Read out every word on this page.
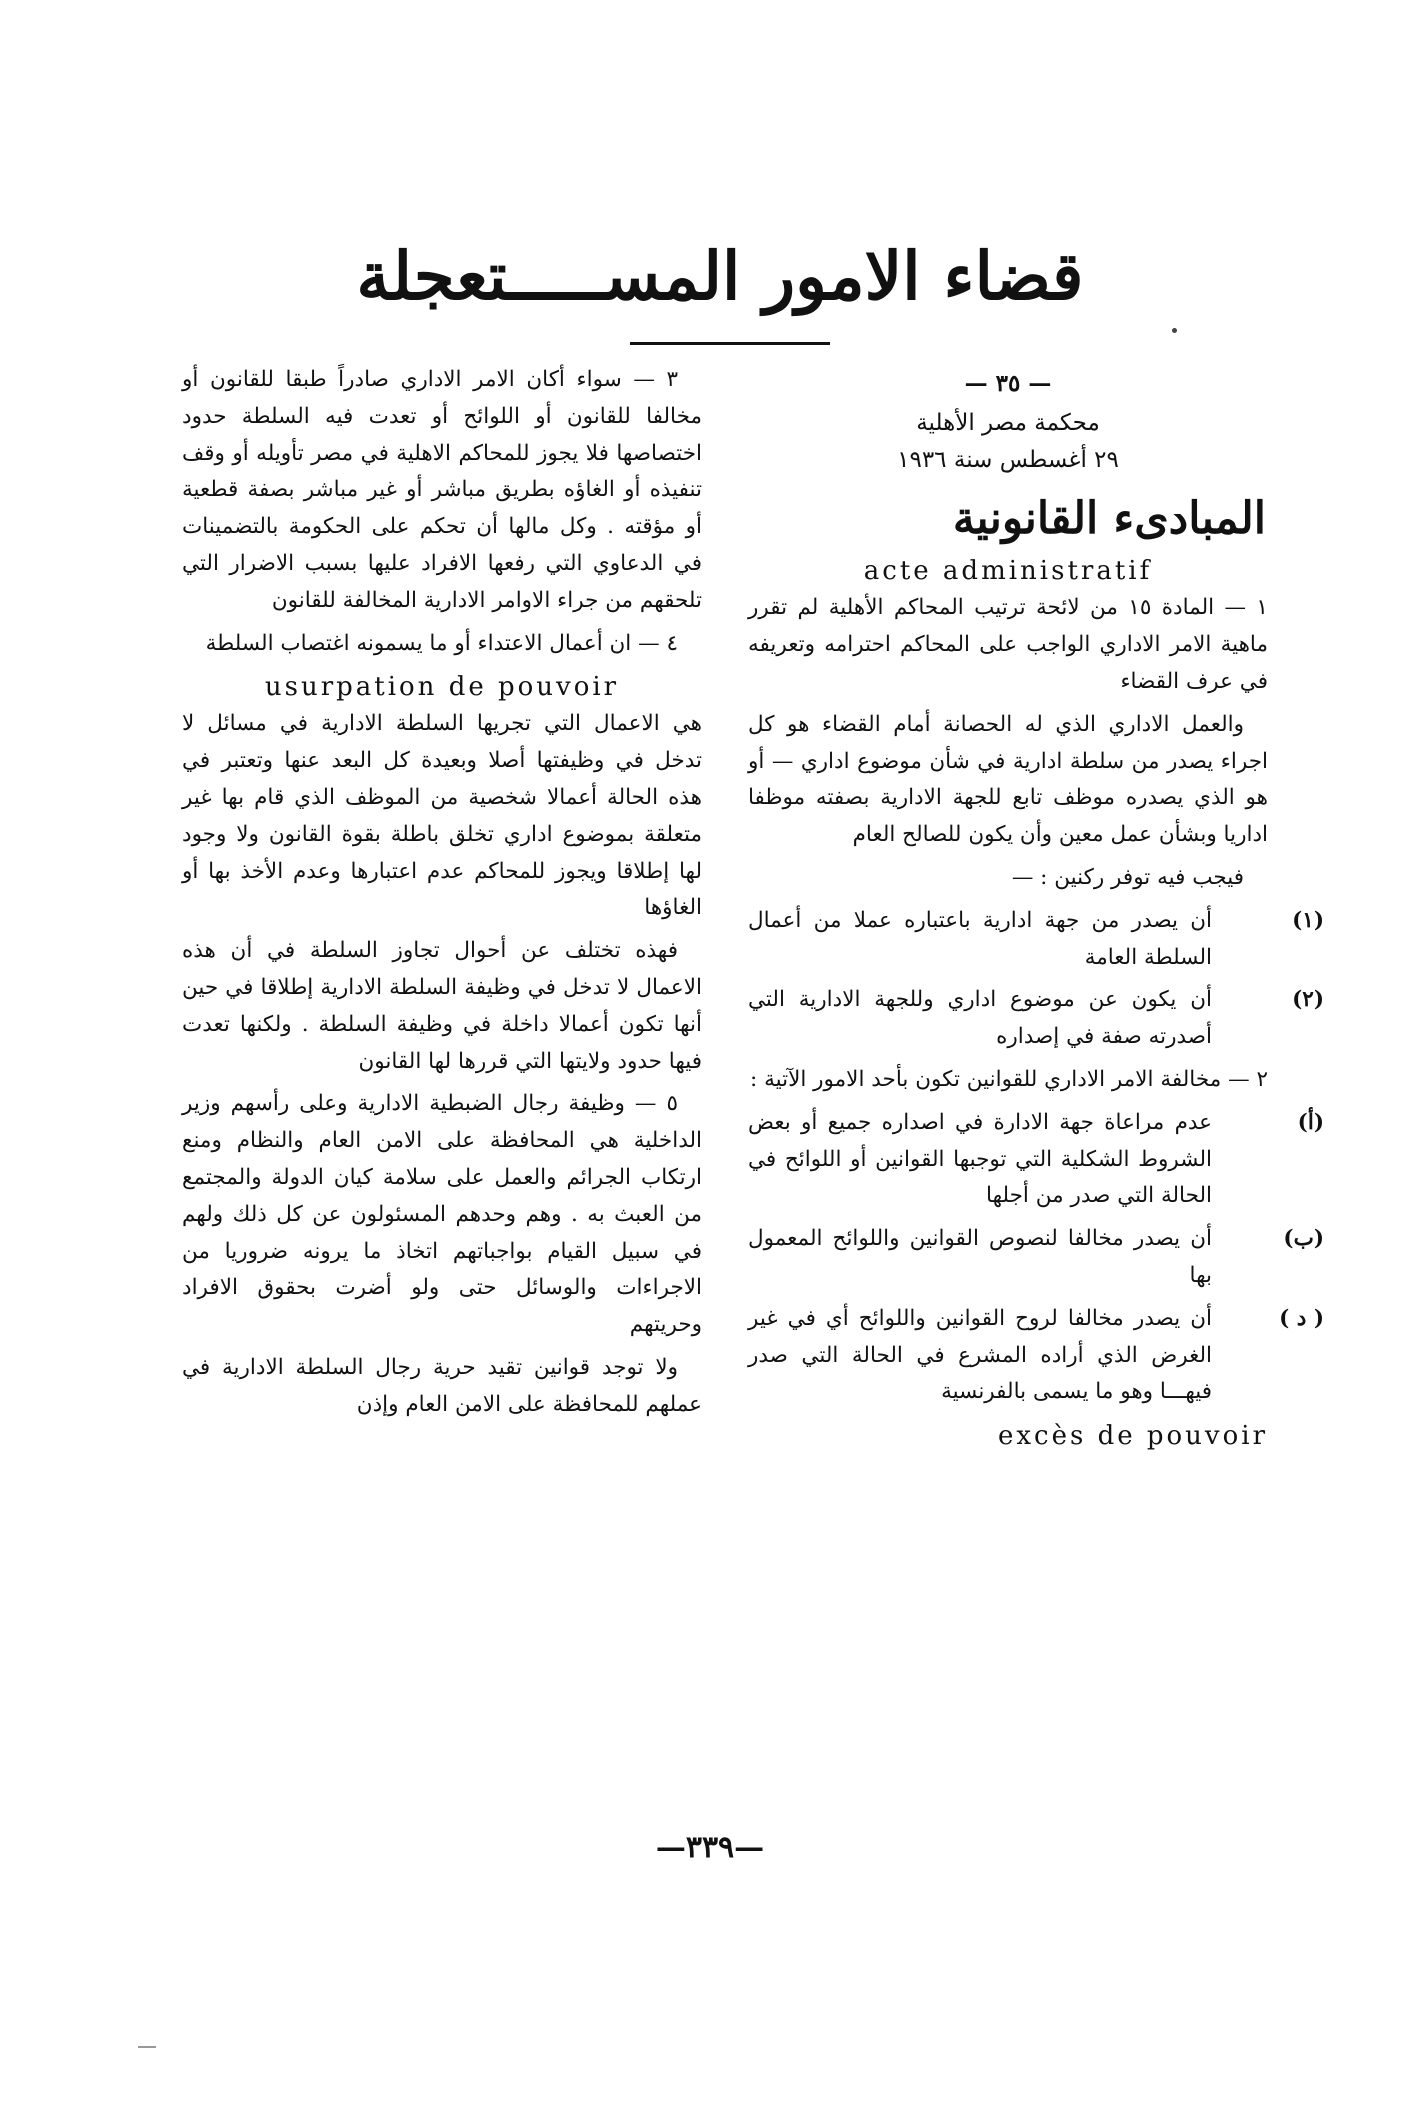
قضاء الامور المســـــتعجلة
— ٣٥ —
محكمة مصر الأهلية
٢٩ أغسطس سنة ١٩٣٦
المبادىء القانونية

acte administratif

١ — المادة ١٥ من لائحة ترتيب المحاكم الأهلية لم تقرر ماهية الامر الاداري الواجب على المحاكم احترامه وتعريفه في عرف القضاء

والعمل الاداري الذي له الحصانة أمام القضاء هو كل اجراء يصدر من سلطة ادارية في شأن موضوع اداري — أو هو الذي يصدره موظف تابع للجهة الادارية بصفته موظفا اداريا وبشأن عمل معين وأن يكون للصالح العام

فيجب فيه توفر ركنين : —

(١)أن يصدر من جهة ادارية باعتباره عملا من أعمال السلطة العامة

(٢)أن يكون عن موضوع اداري وللجهة الادارية التي أصدرته صفة في إصداره

٢ — مخالفة الامر الاداري للقوانين تكون بأحد الامور الآتية :

(أ)عدم مراعاة جهة الادارة في اصداره جميع أو بعض الشروط الشكلية التي توجبها القوانين أو اللوائح في الحالة التي صدر من أجلها

(ب)أن يصدر مخالفا لنصوص القوانين واللوائح المعمول بها

( د )أن يصدر مخالفا لروح القوانين واللوائح أي في غير الغرض الذي أراده المشرع في الحالة التي صدر فيهـــا وهو ما يسمى بالفرنسية

excès de pouvoir

٣ — سواء أكان الامر الاداري صادراً طبقا للقانون أو مخالفا للقانون أو اللوائح أو تعدت فيه السلطة حدود اختصاصها فلا يجوز للمحاكم الاهلية في مصر تأويله أو وقف تنفيذه أو الغاؤه بطريق مباشر أو غير مباشر بصفة قطعية أو مؤقته . وكل مالها أن تحكم على الحكومة بالتضمينات في الدعاوي التي رفعها الافراد عليها بسبب الاضرار التي تلحقهم من جراء الاوامر الادارية المخالفة للقانون

٤ — ان أعمال الاعتداء أو ما يسمونه اغتصاب السلطة

usurpation de pouvoir

هي الاعمال التي تجريها السلطة الادارية في مسائل لا تدخل في وظيفتها أصلا وبعيدة كل البعد عنها وتعتبر في هذه الحالة أعمالا شخصية من الموظف الذي قام بها غير متعلقة بموضوع اداري تخلق باطلة بقوة القانون ولا وجود لها إطلاقا ويجوز للمحاكم عدم اعتبارها وعدم الأخذ بها أو الغاؤها

فهذه تختلف عن أحوال تجاوز السلطة في أن هذه الاعمال لا تدخل في وظيفة السلطة الادارية إطلاقا في حين أنها تكون أعمالا داخلة في وظيفة السلطة . ولكنها تعدت فيها حدود ولايتها التي قررها لها القانون

٥ — وظيفة رجال الضبطية الادارية وعلى رأسهم وزير الداخلية هي المحافظة على الامن العام والنظام ومنع ارتكاب الجرائم والعمل على سلامة كيان الدولة والمجتمع من العبث به . وهم وحدهم المسئولون عن كل ذلك ولهم في سبيل القيام بواجباتهم اتخاذ ما يرونه ضروريا من الاجراءات والوسائل حتى ولو أضرت بحقوق الافراد وحريتهم

ولا توجد قوانين تقيد حرية رجال السلطة الادارية في عملهم للمحافظة على الامن العام وإذن

—٣٣٩—
